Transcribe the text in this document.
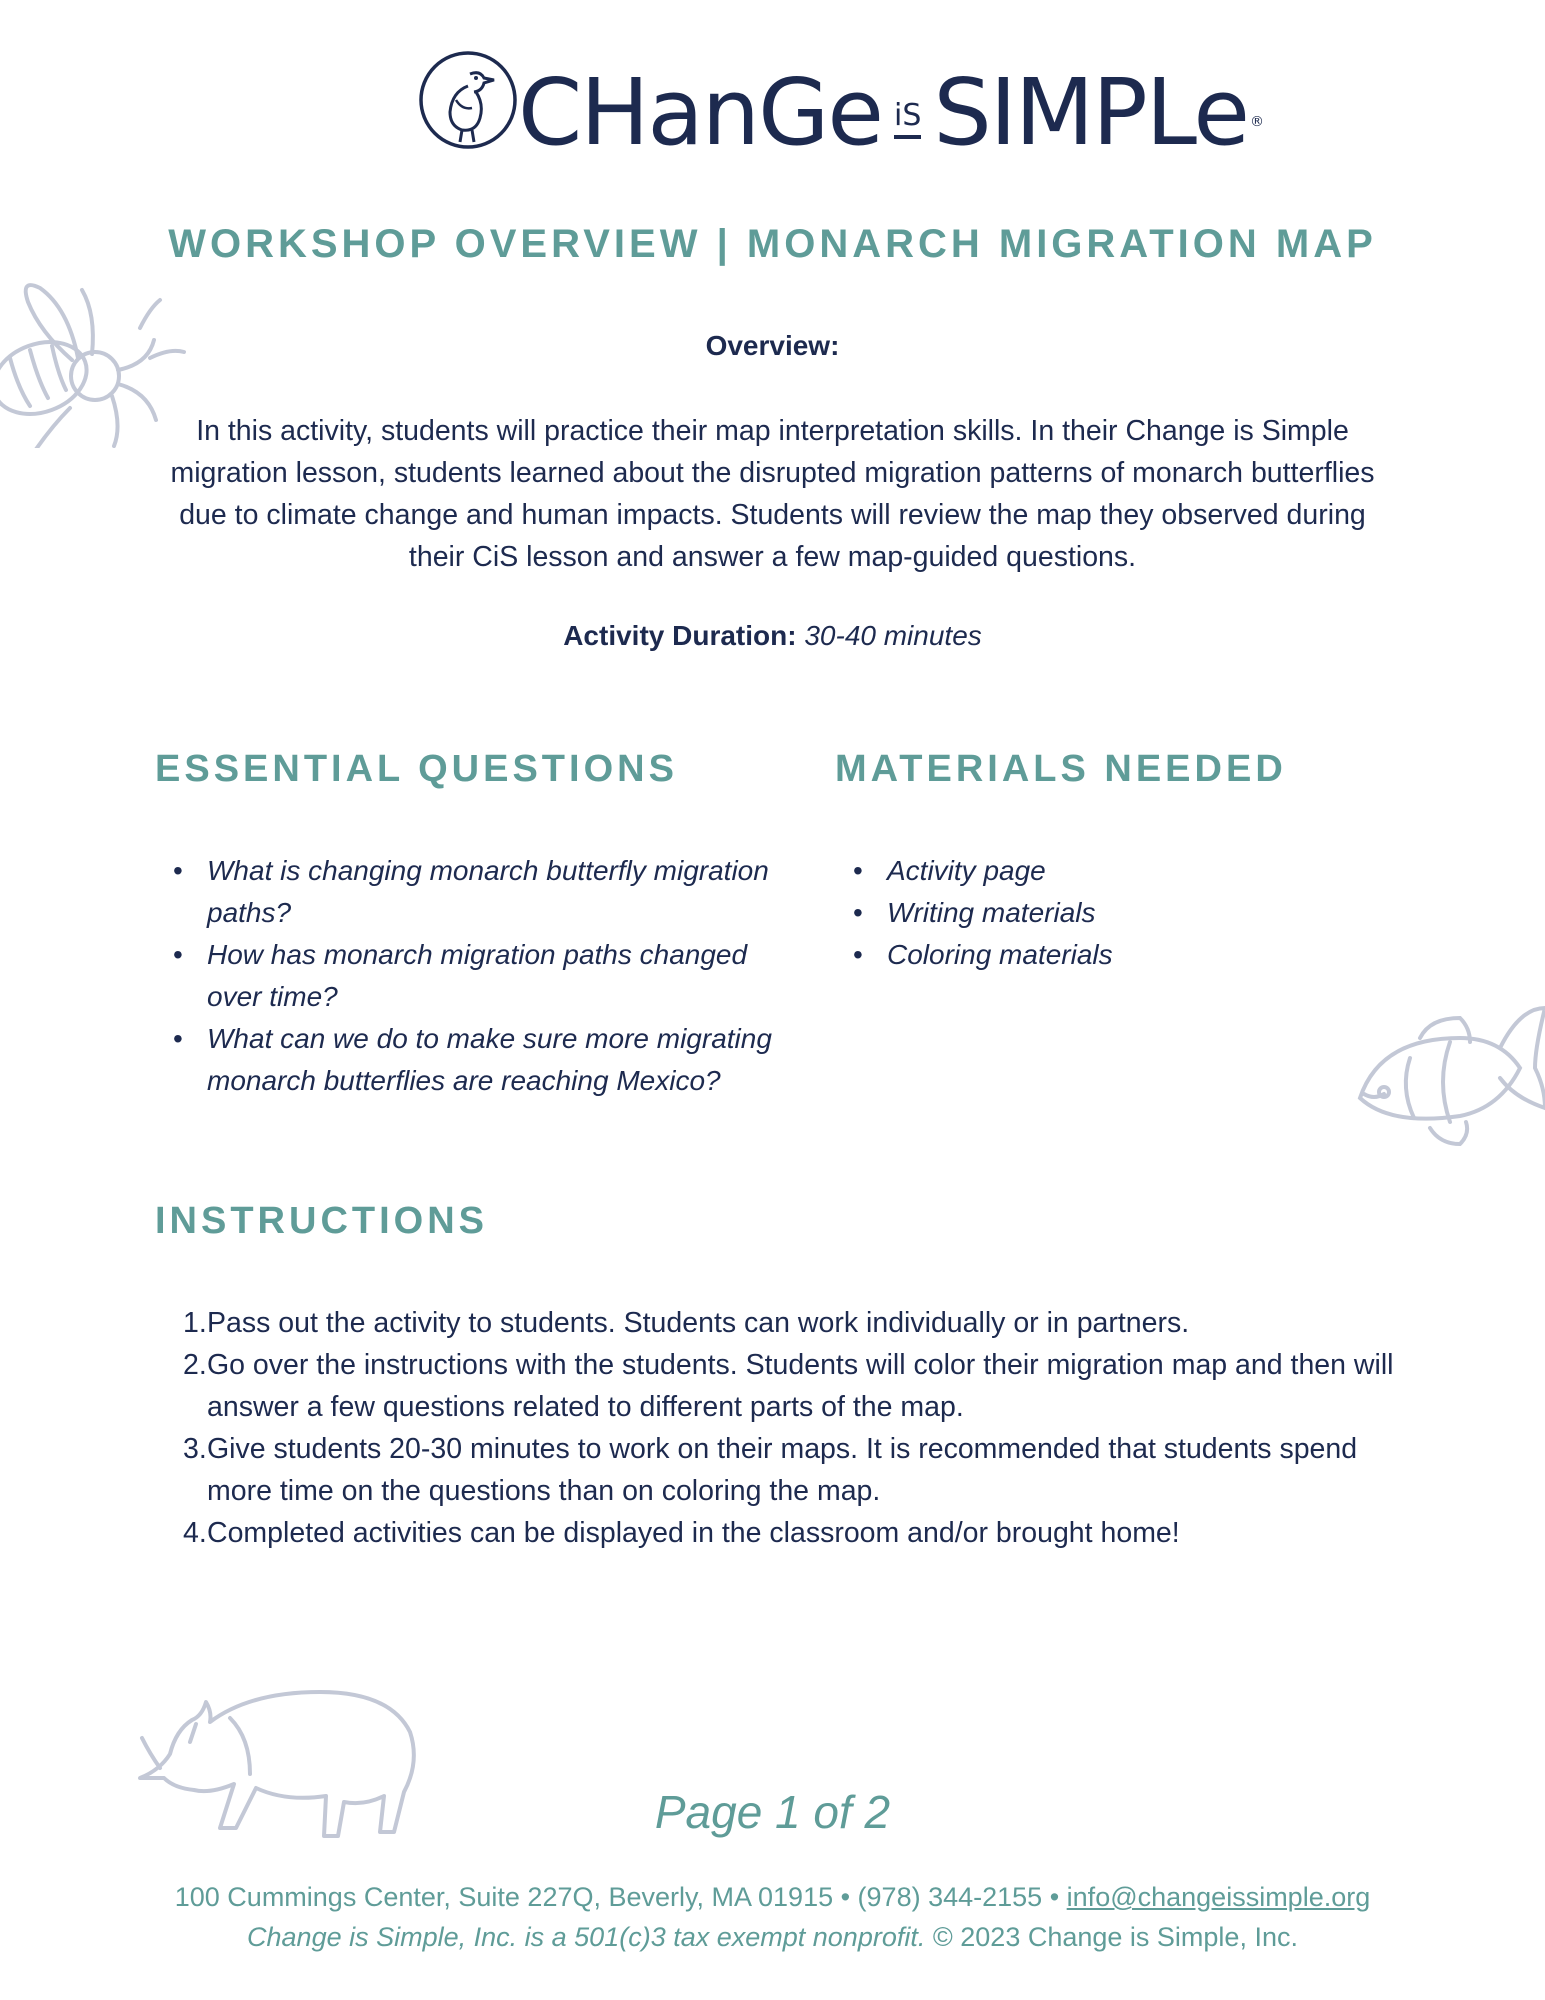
CHanGe iS SIMPLe ®
WORKSHOP OVERVIEW | MONARCH MIGRATION MAP
Overview:
In this activity, students will practice their map interpretation skills. In their Change is Simple migration lesson, students learned about the disrupted migration patterns of monarch butterflies due to climate change and human impacts. Students will review the map they observed during their CiS lesson and answer a few map-guided questions.
Activity Duration: 30-40 minutes
ESSENTIAL QUESTIONS
• What is changing monarch butterfly migration paths?
• How has monarch migration paths changed over time?
• What can we do to make sure more migrating monarch butterflies are reaching Mexico?
MATERIALS NEEDED
• Activity page
• Writing materials
• Coloring materials
INSTRUCTIONS
1. Pass out the activity to students. Students can work individually or in partners.
2. Go over the instructions with the students. Students will color their migration map and then will answer a few questions related to different parts of the map.
3. Give students 20-30 minutes to work on their maps. It is recommended that students spend more time on the questions than on coloring the map.
4. Completed activities can be displayed in the classroom and/or brought home!
Page 1 of 2
100 Cummings Center, Suite 227Q, Beverly, MA 01915 • (978) 344-2155 • info@changeissimple.org
Change is Simple, Inc. is a 501(c)3 tax exempt nonprofit. © 2023 Change is Simple, Inc.
